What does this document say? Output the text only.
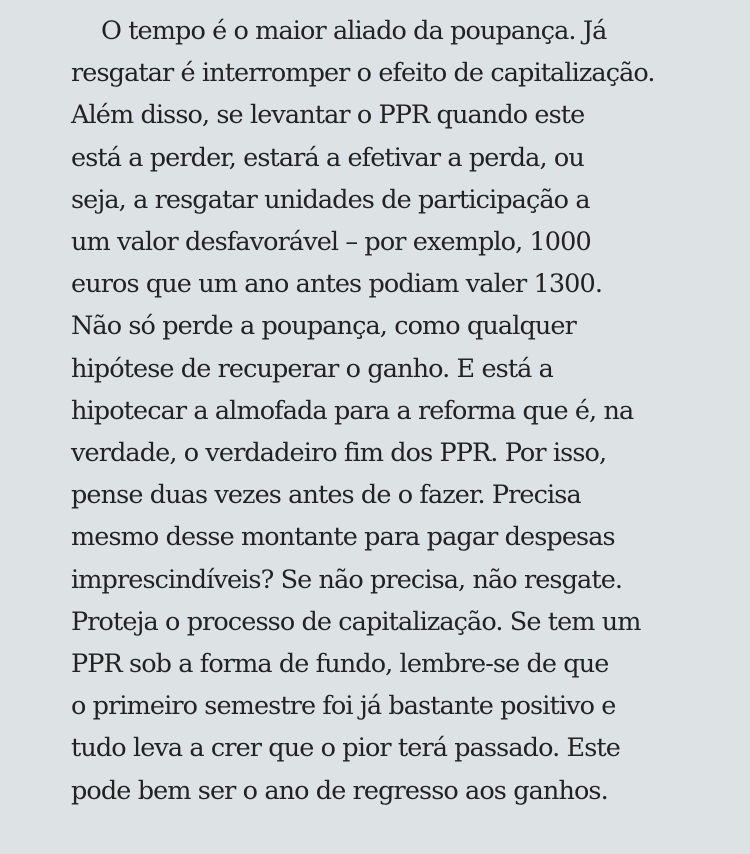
O tempo é o maior aliado da poupança. Já
resgatar é interromper o efeito de capitalização.
Além disso, se levantar o PPR quando este
está a perder, estará a efetivar a perda, ou
seja, a resgatar unidades de participação a
um valor desfavorável – por exemplo, 1000
euros que um ano antes podiam valer 1300.
Não só perde a poupança, como qualquer
hipótese de recuperar o ganho. E está a
hipotecar a almofada para a reforma que é, na
verdade, o verdadeiro fim dos PPR. Por isso,
pense duas vezes antes de o fazer. Precisa
mesmo desse montante para pagar despesas
imprescindíveis? Se não precisa, não resgate.
Proteja o processo de capitalização. Se tem um
PPR sob a forma de fundo, lembre-se de que
o primeiro semestre foi já bastante positivo e
tudo leva a crer que o pior terá passado. Este
pode bem ser o ano de regresso aos ganhos.
